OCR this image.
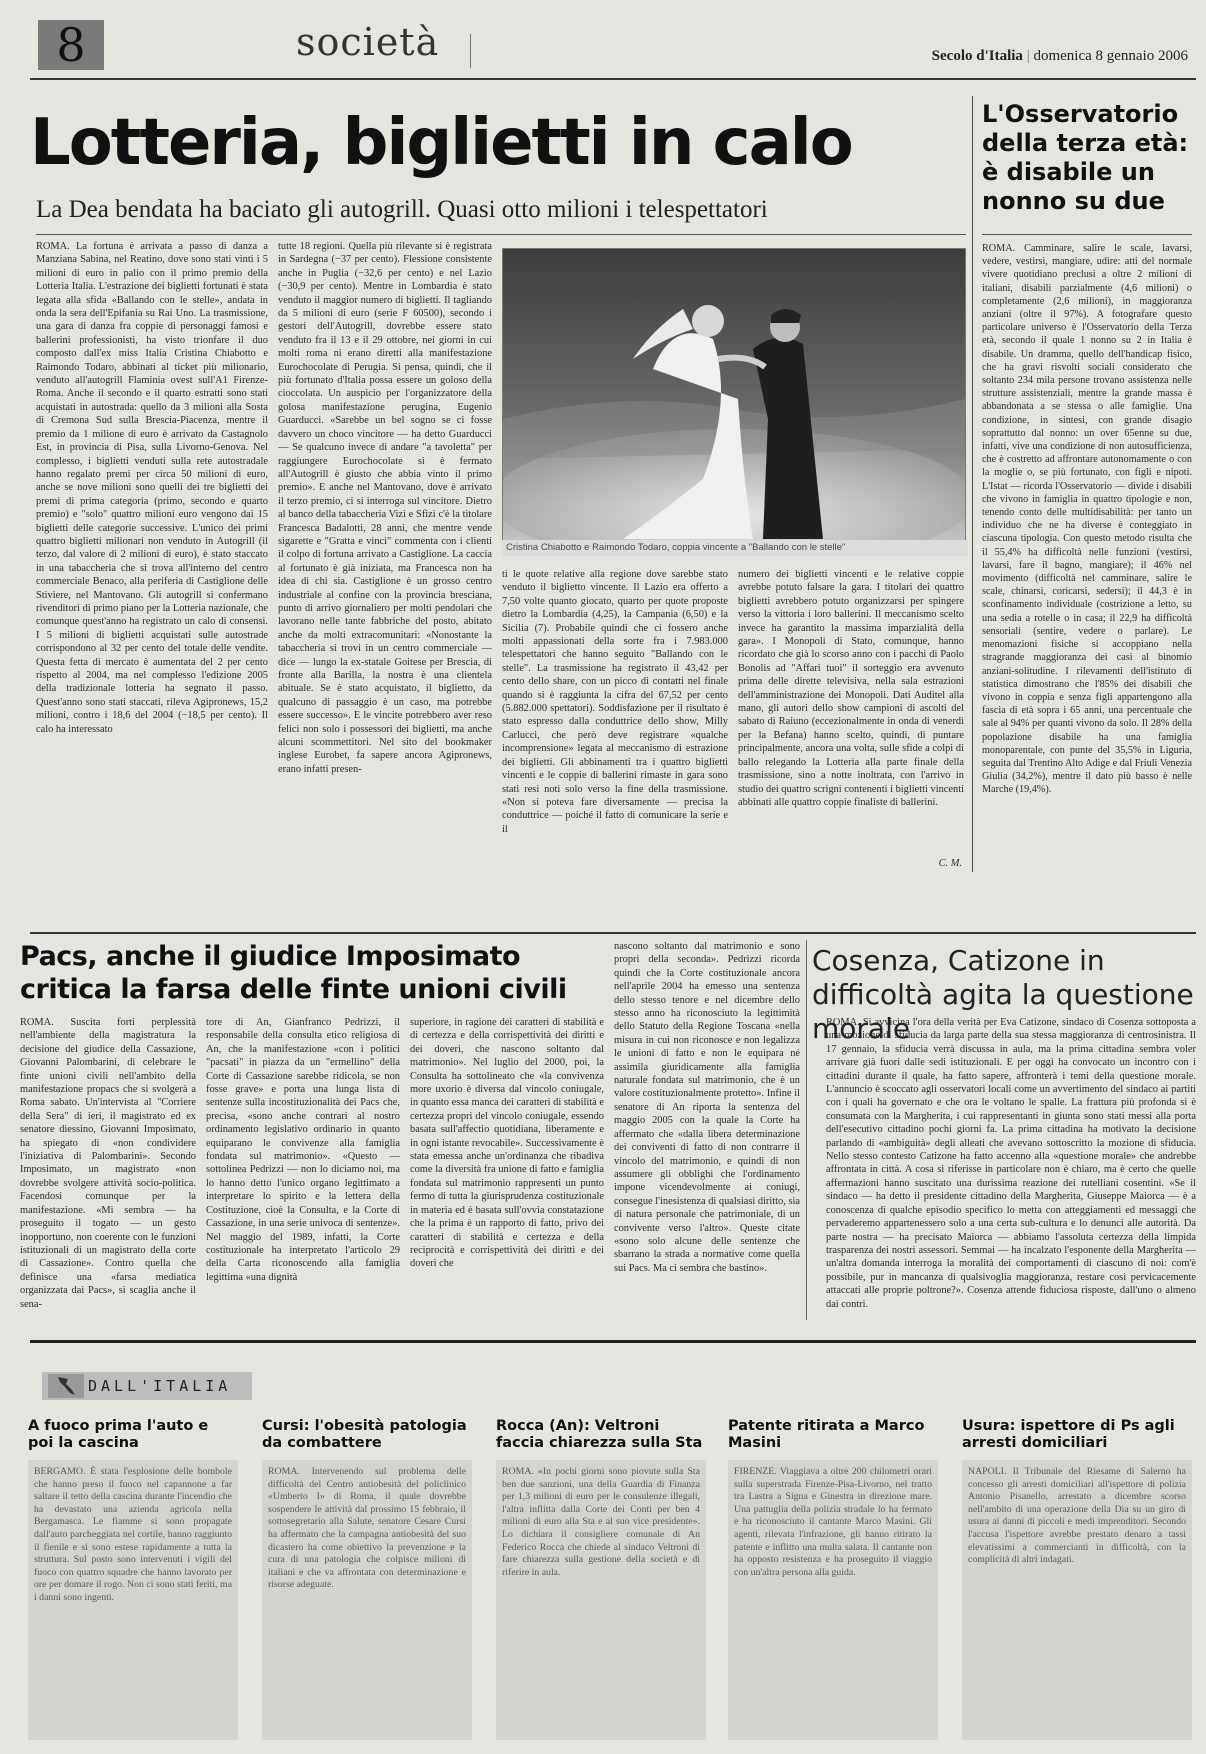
8	società	Secolo d'Italia | domenica 8 gennaio 2006
Lotteria, biglietti in calo
La Dea bendata ha baciato gli autogrill. Quasi otto milioni i telespettatori

ROMA. La fortuna è arrivata a passo di danza a Manziana Sabina, nel Reatino, dove sono stati vinti i 5 milioni di euro in palio con il primo premio della Lotteria Italia. L'estrazione dei biglietti fortunati è stata legata alla sfida «Ballando con le stelle», andata in onda la sera dell'Epifania su Rai Uno. La trasmissione, una gara di danza fra coppie di personaggi famosi e ballerini professionisti, ha visto trionfare il duo composto dall'ex miss Italia Cristina Chiabotto e Raimondo Todaro, abbinati al ticket più milionario, venduto all'autogrill Flaminia ovest sull'A1 Firenze-Roma. Anche il secondo e il quarto estratti sono stati acquistati in autostrada: quello da 3 milioni alla Sosta di Cremona Sud sulla Brescia-Piacenza, mentre il premio da 1 milione di euro è arrivato da Castagnolo Est, in provincia di Pisa, sulla Livorno-Genova. Nel complesso, i biglietti venduti sulla rete autostradale hanno regalato premi per circa 50 milioni di euro, anche se nove milioni sono quelli dei tre biglietti dei premi di prima categoria (primo, secondo e quarto premio) e "solo" quattro milioni euro vengono dai 15 biglietti delle categorie successive. L'unico dei primi quattro biglietti milionari non venduto in Autogrill (il terzo, dal valore di 2 milioni di euro), è stato staccato in una tabaccheria che si trova all'interno del centro commerciale Benaco, alla periferia di Castiglione delle Stiviere, nel Mantovano. Gli autogrill si confermano rivenditori di primo piano per la Lotteria nazionale, che comunque quest'anno ha registrato un calo di consensi. I 5 milioni di biglietti acquistati sulle autostrade corrispondono al 32 per cento del totale delle vendite. Questa fetta di mercato è aumentata del 2 per cento rispetto al 2004, ma nel complesso l'edizione 2005 della tradizionale lotteria ha segnato il passo. Quest'anno sono stati staccati, rileva Agipronews, 15,2 milioni, contro i 18,6 del 2004 (−18,5 per cento). Il calo ha interessato

tutte 18 regioni. Quella più rilevante si è registrata in Sardegna (−37 per cento). Flessione consistente anche in Puglia (−32,6 per cento) e nel Lazio (−30,9 per cento). Mentre in Lombardia è stato venduto il maggior numero di biglietti. Il tagliando da 5 milioni di euro (serie F 60500), secondo i gestori dell'Autogrill, dovrebbe essere stato venduto fra il 13 e il 29 ottobre, nei giorni in cui molti roma ni erano diretti alla manifestazione Eurochocolate di Perugia. Si pensa, quindi, che il più fortunato d'Italia possa essere un goloso della cioccolata. Un auspicio per l'organizzatore della golosa manifestazione perugina, Eugenio Guarducci. «Sarebbe un bel sogno se ci fosse davvero un choco vincitore — ha detto Guarducci — Se qualcuno invece di andare "a tavoletta" per raggiungere Eurochocolate si è fermato all'Autogrill è giusto che abbia vinto il primo premio». E anche nel Mantovano, dove è arrivato il terzo premio, ci si interroga sul vincitore. Dietro al banco della tabaccheria Vizi e Sfizi c'è la titolare Francesca Badalotti, 28 anni, che mentre vende sigarette e "Gratta e vinci" commenta con i clienti il colpo di fortuna arrivato a Castiglione. La caccia al fortunato è già iniziata, ma Francesca non ha idea di chi sia. Castiglione è un grosso centro industriale al confine con la provincia bresciana, punto di arrivo giornaliero per molti pendolari che lavorano nelle tante fabbriche del posto, abitato anche da molti extracomunitari: «Nonostante la tabaccheria si trovi in un centro commerciale — dice — lungo la ex-statale Goitese per Brescia, di fronte alla Barilla, la nostra è una clientela abituale. Se è stato acquistato, il biglietto, da qualcuno di passaggio è un caso, ma potrebbe essere successo». E le vincite potrebbero aver reso felici non solo i possessori dei biglietti, ma anche alcuni scommettitori. Nel sito del bookmaker inglese Eurobet, fa sapere ancora Agipronews, erano infatti presen-

Cristina Chiabotto e Raimondo Todaro, coppia vincente a "Ballando con le stelle"

ti le quote relative alla regione dove sarebbe stato venduto il biglietto vincente. Il Lazio era offerto a 7,50 volte quanto giocato, quarto per quote proposte dietro la Lombardia (4,25), la Campania (6,50) e la Sicilia (7). Probabile quindi che ci fossero anche molti appassionati della sorte fra i 7.983.000 telespettatori che hanno seguito "Ballando con le stelle". La trasmissione ha registrato il 43,42 per cento dello share, con un picco di contatti nel finale quando si è raggiunta la cifra del 67,52 per cento (5.882.000 spettatori). Soddisfazione per il risultato è stato espresso dalla conduttrice dello show, Milly Carlucci, che però deve registrare «qualche incomprensione» legata al meccanismo di estrazione dei biglietti. Gli abbinamenti tra i quattro biglietti vincenti e le coppie di ballerini rimaste in gara sono stati resi noti solo verso la fine della trasmissione. «Non si poteva fare diversamente — precisa la conduttrice — poiché il fatto di comunicare la serie e il

numero dei biglietti vincenti e le relative coppie avrebbe potuto falsare la gara. I titolari dei quattro biglietti avrebbero potuto organizzarsi per spingere verso la vittoria i loro ballerini. Il meccanismo scelto invece ha garantito la massima imparzialità della gara». I Monopoli di Stato, comunque, hanno ricordato che già lo scorso anno con i pacchi di Paolo Bonolis ad "Affari tuoi" il sorteggio era avvenuto prima delle dirette televisiva, nella sala estrazioni dell'amministrazione dei Monopoli. Dati Auditel alla mano, gli autori dello show campioni di ascolti del sabato di Raiuno (eccezionalmente in onda di venerdì per la Befana) hanno scelto, quindi, di puntare principalmente, ancora una volta, sulle sfide a colpi di ballo relegando la Lotteria alla parte finale della trasmissione, sino a notte inoltrata, con l'arrivo in studio dei quattro scrigni contenenti i biglietti vincenti abbinati alle quattro coppie finaliste di ballerini.

C. M.
L'Osservatorio della terza età: è disabile un nonno su due

ROMA. Camminare, salire le scale, lavarsi, vedere, vestirsi, mangiare, udire: atti del normale vivere quotidiano preclusi a oltre 2 milioni di italiani, disabili parzialmente (4,6 milioni) o completamente (2,6 milioni), in maggioranza anziani (oltre il 97%). A fotografare questo particolare universo è l'Osservatorio della Terza età, secondo il quale 1 nonno su 2 in Italia è disabile. Un dramma, quello dell'handicap fisico, che ha gravi risvolti sociali considerato che soltanto 234 mila persone trovano assistenza nelle strutture assistenziali, mentre la grande massa è abbandonata a se stessa o alle famiglie. Una condizione, in sintesi, con grande disagio soprattutto dal nonno: un over 65enne su due, infatti, vive una condizione di non autosufficienza, che è costretto ad affrontare autonomamente o con la moglie o, se più fortunato, con figli e nipoti. L'Istat — ricorda l'Osservatorio — divide i disabili che vivono in famiglia in quattro tipologie e non, tenendo conto delle multidisabilità: per tanto un individuo che ne ha diverse è conteggiato in ciascuna tipologia. Con questo metodo risulta che il 55,4% ha difficoltà nelle funzioni (vestirsi, lavarsi, fare il bagno, mangiare); il 46% nel movimento (difficoltà nel camminare, salire le scale, chinarsi, coricarsi, sedersi); il 44,3 è in sconfinamento individuale (costrizione a letto, su una sedia a rotelle o in casa; il 22,9 ha difficoltà sensoriali (sentire, vedere o parlare). Le menomazioni fisiche si accoppiano nella stragrande maggioranza dei casi al binomio anziani-solitudine. I rilevamenti dell'istituto di statistica dimostrano che l'85% dei disabili che vivono in coppia e senza figli appartengono alla fascia di età sopra i 65 anni, una percentuale che sale al 94% per quanti vivono da solo. Il 28% della popolazione disabile ha una famiglia monoparentale, con punte del 35,5% in Liguria, seguita dal Trentino Alto Adige e dal Friuli Venezia Giulia (34,2%), mentre il dato più basso è nelle Marche (19,4%).

Pacs, anche il giudice Imposimato critica la farsa delle finte unioni civili

ROMA. Suscita forti perplessità nell'ambiente della magistratura la decisione del giudice della Cassazione, Giovanni Palombarini, di celebrare le finte unioni civili nell'ambito della manifestazione propacs che si svolgerà a Roma sabato. Un'intervista al "Corriere della Sera" di ieri, il magistrato ed ex senatore diessino, Giovanni Imposimato, ha spiegato di «non condividere l'iniziativa di Palombarini». Secondo Imposimato, un magistrato «non dovrebbe svolgere attività socio-politica. Facendosi comunque per la manifestazione. «Mi sembra — ha proseguito il togato — un gesto inopportuno, non coerente con le funzioni istituzionali di un magistrato della corte di Cassazione». Contro quella che definisce una «farsa mediatica organizzata dai Pacs», si scaglia anche il sena-

tore di An, Gianfranco Pedrizzi, il responsabile della consulta etico religiosa di An, che la manifestazione «con i politici "pacsati" in piazza da un "ermellino" della Corte di Cassazione sarebbe ridicola, se non fosse grave» e porta una lunga lista di sentenze sulla incostituzionalità dei Pacs che, precisa, «sono anche contrari al nostro ordinamento legislativo ordinario in quanto equiparano le convivenze alla famiglia fondata sul matrimonio». «Questo — sottolinea Pedrizzi — non lo diciamo noi, ma lo hanno detto l'unico organo legittimato a interpretare lo spirito e la lettera della Costituzione, cioè la Consulta, e la Corte di Cassazione, in una serie univoca di sentenze». Nel maggio del 1989, infatti, la Corte costituzionale ha interpretato l'articolo 29 della Carta riconoscendo alla famiglia legittima «una dignità

superiore, in ragione dei caratteri di stabilità e di certezza e della corrispettività dei diritti e dei doveri, che nascono soltanto dal matrimonio». Nel luglio del 2000, poi, la Consulta ha sottolineato che «la convivenza more uxorio è diversa dal vincolo coniugale, in quanto essa manca dei caratteri di stabilità e certezza propri del vincolo coniugale, essendo basata sull'affectio quotidiana, liberamente e in ogni istante revocabile». Successivamente è stata emessa anche un'ordinanza che ribadiva come la diversità fra unione di fatto e famiglia fondata sul matrimonio rappresenti un punto fermo di tutta la giurisprudenza costituzionale in materia ed è basata sull'ovvia constatazione che la prima è un rapporto di fatto, privo dei caratteri di stabilità e certezza e della reciprocità e corrispettività dei diritti e dei doveri che

nascono soltanto dal matrimonio e sono propri della seconda». Pedrizzi ricorda quindi che la Corte costituzionale ancora nell'aprile 2004 ha emesso una sentenza dello stesso tenore e nel dicembre dello stesso anno ha riconosciuto la legittimità dello Statuto della Regione Toscana «nella misura in cui non riconosce e non legalizza le unioni di fatto e non le equipara né assimila giuridicamente alla famiglia naturale fondata sul matrimonio, che è un valore costituzionalmente protetto». Infine il senatore di An riporta la sentenza del maggio 2005 con la quale la Corte ha affermato che «dalla libera determinazione dei conviventi di fatto di non contrarre il vincolo del matrimonio, e quindi di non assumere gli obblighi che l'ordinamento impone vicendevolmente ai coniugi, consegue l'inesistenza di qualsiasi diritto, sia di natura personale che patrimoniale, di un convivente verso l'altro». Queste citate «sono solo alcune delle sentenze che sbarrano la strada a normative come quella sui Pacs. Ma ci sembra che bastino».

Cosenza, Catizone in difficoltà agita la questione morale

ROMA. Si avvicina l'ora della verità per Eva Catizone, sindaco di Cosenza sottoposta a una mozione di sfiducia da larga parte della sua stessa maggioranza di centrosinistra. Il 17 gennaio, la sfiducia verrà discussa in aula, ma la prima cittadina sembra voler arrivare già fuori dalle sedi istituzionali. E per oggi ha convocato un incontro con i cittadini durante il quale, ha fatto sapere, affronterà i temi della questione morale. L'annuncio è scoccato agli osservatori locali come un avvertimento del sindaco ai partiti con i quali ha governato e che ora le voltano le spalle. La frattura più profonda si è consumata con la Margherita, i cui rappresentanti in giunta sono stati messi alla porta dell'esecutivo cittadino pochi giorni fa. La prima cittadina ha motivato la decisione parlando di «ambiguità» degli alleati che avevano sottoscritto la mozione di sfiducia. Nello stesso contesto Catizone ha fatto accenno alla «questione morale» che andrebbe affrontata in città. A cosa si riferisse in particolare non è chiaro, ma è certo che quelle affermazioni hanno suscitato una durissima reazione dei rutelliani cosentini. «Se il sindaco — ha detto il presidente cittadino della Margherita, Giuseppe Maiorca — è a conoscenza di qualche episodio specifico lo metta con atteggiamenti ed messaggi che pervaderemo appartenessero solo a una certa sub-cultura e lo denunci alle autorità. Da parte nostra — ha precisato Maiorca — abbiamo l'assoluta certezza della limpida trasparenza dei nostri assessori. Semmai — ha incalzato l'esponente della Margherita — un'altra domanda interroga la moralità dei comportamenti di ciascuno di noi: com'è possibile, pur in mancanza di qualsivoglia maggioranza, restare così pervicacemente attaccati alle proprie poltrone?». Cosenza attende fiduciosa risposte, dall'uno o almeno dai contri.

DALL'ITALIA
A fuoco prima l'auto e poi la cascina

BERGAMO. È stata l'esplosione delle bombole che hanno preso il fuoco nel capannone a far saltare il tetto della cascina durante l'incendio che ha devastato una azienda agricola nella Bergamasca. Le fiamme si sono propagate dall'auto parcheggiata nel cortile, hanno raggiunto il fienile e si sono estese rapidamente a tutta la struttura. Sul posto sono intervenuti i vigili del fuoco con quattro squadre che hanno lavorato per ore per domare il rogo. Non ci sono stati feriti, ma i danni sono ingenti.

Cursi: l'obesità patologia da combattere

ROMA. Intervenendo sul problema delle difficoltà del Centro antiobesità del policlinico «Umberto I» di Roma, il quale dovrebbe sospendere le attività dal prossimo 15 febbraio, il sottosegretario alla Salute, senatore Cesare Cursi ha affermato che la campagna antiobesità del suo dicastero ha come obiettivo la prevenzione e la cura di una patologia che colpisce milioni di italiani e che va affrontata con determinazione e risorse adeguate.

Rocca (An): Veltroni faccia chiarezza sulla Sta

ROMA. «In pochi giorni sono piovute sulla Sta ben due sanzioni, una della Guardia di Finanza per 1,3 milioni di euro per le consulenze illegali, l'altra inflitta dalla Corte dei Conti per ben 4 milioni di euro alla Sta e al suo vice presidente». Lo dichiara il consigliere comunale di An Federico Rocca che chiede al sindaco Veltroni di fare chiarezza sulla gestione della società e di riferire in aula.

Patente ritirata a Marco Masini

FIRENZE. Viaggiava a oltre 200 chilometri orari sulla superstrada Firenze-Pisa-Livorno, nel tratto tra Lastra a Signa e Ginestra in direzione mare. Una pattuglia della polizia stradale lo ha fermato e ha riconosciuto il cantante Marco Masini. Gli agenti, rilevata l'infrazione, gli hanno ritirato la patente e inflitto una multa salata. Il cantante non ha opposto resistenza e ha proseguito il viaggio con un'altra persona alla guida.

Usura: ispettore di Ps agli arresti domiciliari

NAPOLI. Il Tribunale del Riesame di Salerno ha concesso gli arresti domiciliari all'ispettore di polizia Antonio Pisanello, arrestato a dicembre scorso nell'ambito di una operazione della Dia su un giro di usura ai danni di piccoli e medi imprenditori. Secondo l'accusa l'ispettore avrebbe prestato denaro a tassi elevatissimi a commercianti in difficoltà, con la complicità di altri indagati.
